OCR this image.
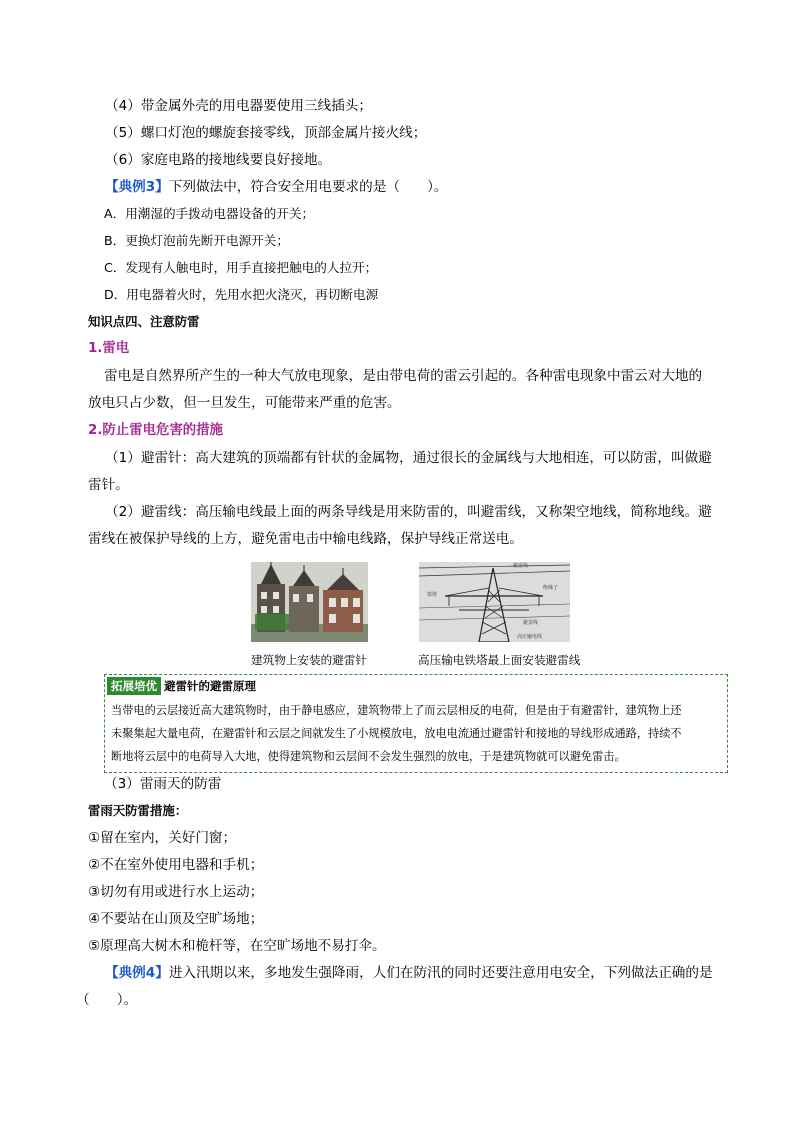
（4）带金属外壳的用电器要使用三线插头；
（5）螺口灯泡的螺旋套接零线，顶部金属片接火线；
（6）家庭电路的接地线要良好接地。
【典例3】下列做法中，符合安全用电要求的是（　　）。
A．用潮湿的手拨动电器设备的开关；
B．更换灯泡前先断开电源开关；
C．发现有人触电时，用手直接把触电的人拉开；
D．用电器着火时，先用水把火浇灭，再切断电源
知识点四、注意防雷
1.雷电
雷电是自然界所产生的一种大气放电现象，是由带电荷的雷云引起的。各种雷电现象中雷云对大地的
放电只占少数，但一旦发生，可能带来严重的危害。
2.防止雷电危害的措施
（1）避雷针：高大建筑的顶端都有针状的金属物，通过很长的金属线与大地相连，可以防雷，叫做避
雷针。
（2）避雷线：高压输电线最上面的两条导线是用来防雷的，叫避雷线，又称架空地线，简称地线。避
雷线在被保护导线的上方，避免雷电击中输电线路，保护导线正常送电。
建筑物上安装的避雷针
避雷线
铁塔
绝缘子
避雷线
高压输电线
高压输电铁塔最上面安装避雷线
拓展培优 避雷针的避雷原理
当带电的云层接近高大建筑物时，由于静电感应，建筑物带上了而云层相反的电荷，但是由于有避雷针，建筑物上还
未聚集起大量电荷，在避雷针和云层之间就发生了小规模放电，放电电流通过避雷针和接地的导线形成通路，持续不
断地将云层中的电荷导入大地，使得建筑物和云层间不会发生强烈的放电，于是建筑物就可以避免雷击。
（3）雷雨天的防雷
雷雨天防雷措施：
①留在室内，关好门窗；
②不在室外使用电器和手机；
③切勿有用或进行水上运动；
④不要站在山顶及空旷场地；
⑤原理高大树木和桅杆等，在空旷场地不易打伞。
【典例4】进入汛期以来，多地发生强降雨，人们在防汛的同时还要注意用电安全，下列做法正确的是
（　　）。
